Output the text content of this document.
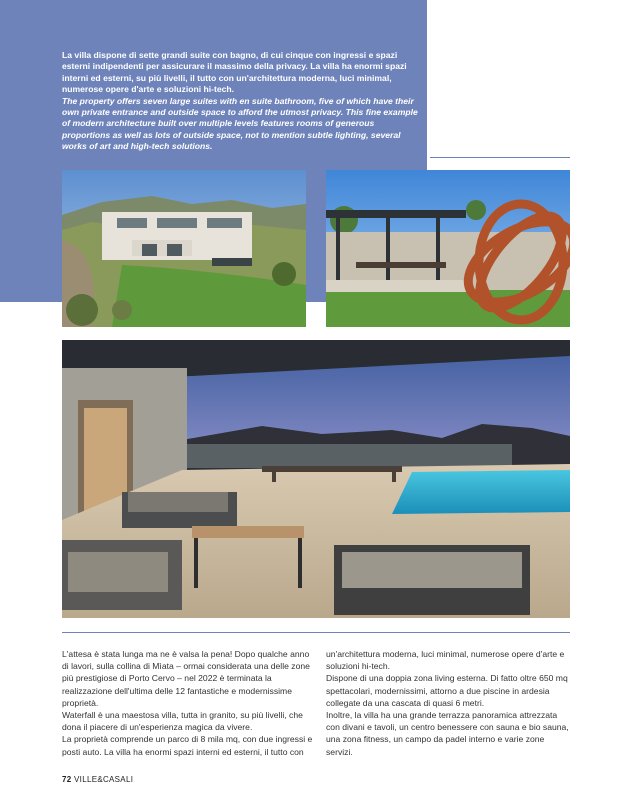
La villa dispone di sette grandi suite con bagno, di cui cinque con ingressi e spazi esterni indipendenti per assicurare il massimo della privacy. La villa ha enormi spazi interni ed esterni, su più livelli, il tutto con un'architettura moderna, luci minimal, numerose opere d'arte e soluzioni hi-tech.

The property offers seven large suites with en suite bathroom, five of which have their own private entrance and outside space to afford the utmost privacy. This fine example of modern architecture built over multiple levels features rooms of generous proportions as well as lots of outside space, not to mention subtle lighting, several works of art and high-tech solutions.

L'attesa è stata lunga ma ne è valsa la pena! Dopo qualche anno di lavori, sulla collina di Mìata – ormai considerata una delle zone più prestigiose di Porto Cervo – nel 2022 è terminata la realizzazione dell'ultima delle 12 fantastiche e modernissime proprietà.

Waterfall è una maestosa villa, tutta in granito, su più livelli, che dona il piacere di un'esperienza magica da vivere.

La proprietà comprende un parco di 8 mila mq, con due ingressi e posti auto. La villa ha enormi spazi interni ed esterni, il tutto con

un'architettura moderna, luci minimal, numerose opere d'arte e soluzioni hi-tech.

Dispone di una doppia zona living esterna. Di fatto oltre 650 mq spettacolari, modernissimi, attorno a due piscine in ardesia collegate da una cascata di quasi 6 metri.

Inoltre, la villa ha una grande terrazza panoramica attrezzata con divani e tavoli, un centro benessere con sauna e bio sauna, una zona fitness, un campo da padel interno e varie zone servizi.

72 VILLE&CASALI
